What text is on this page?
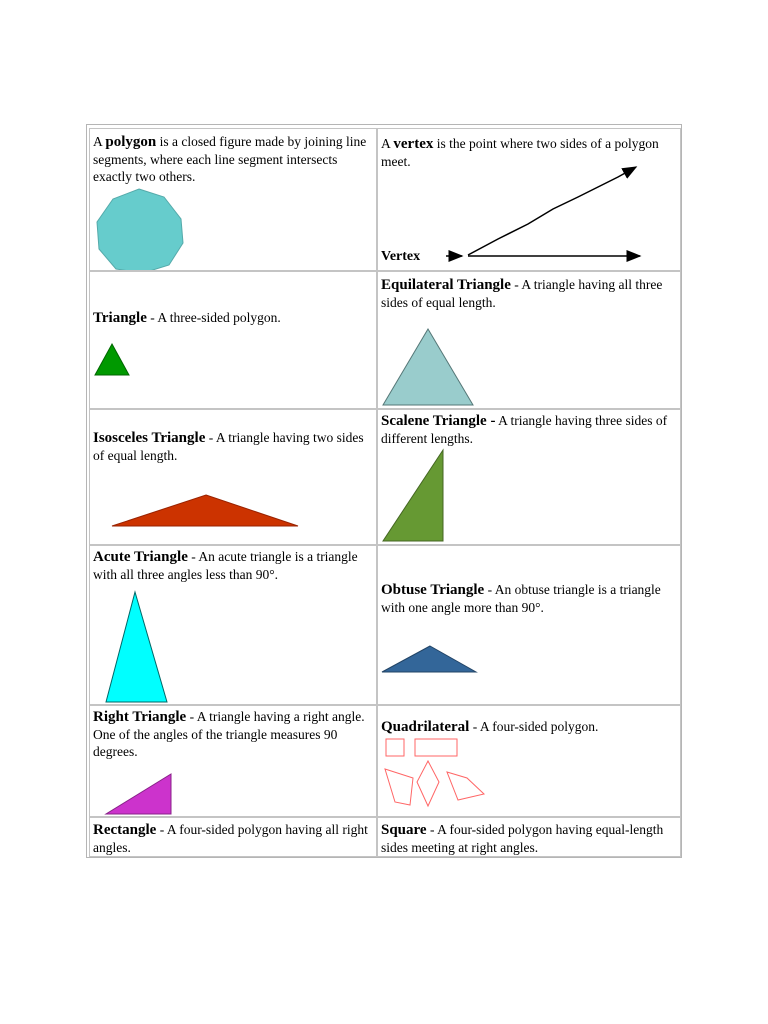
A polygon is a closed figure made by joining line segments, where each line segment intersects exactly two others.

A vertex is the point where two sides of a polygon meet.

Vertex

Triangle - A three-sided polygon.

Equilateral Triangle - A triangle having all three sides of equal length.

Isosceles Triangle - A triangle having two sides of equal length.

Scalene Triangle - A triangle having three sides of different lengths.

Acute Triangle - An acute triangle is a triangle with all three angles less than 90°.

Obtuse Triangle - An obtuse triangle is a triangle with one angle more than 90°.

Right Triangle - A triangle having a right angle. One of the angles of the triangle measures 90 degrees.

Quadrilateral - A four-sided polygon.

Rectangle - A four-sided polygon having all right angles.

Square - A four-sided polygon having equal-length sides meeting at right angles.
